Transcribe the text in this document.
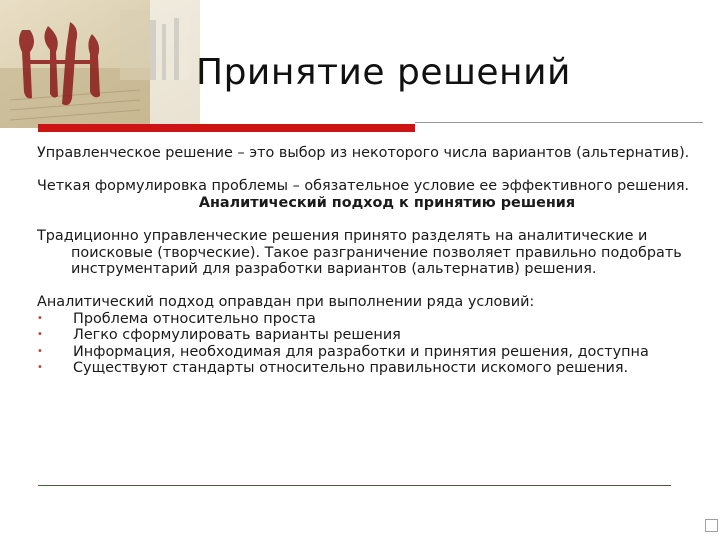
Принятие решений

Управленческое решение – это выбор из некоторого числа вариантов (альтернатив).

Четкая формулировка проблемы – обязательное условие ее эффективного решения.

Аналитический подход к принятию решения

Традиционно управленческие решения принято разделять на аналитические и поисковые (творческие). Такое разграничение позволяет правильно подобрать инструментарий для разработки вариантов (альтернатив) решения.

Аналитический подход оправдан при выполнении ряда условий:

• Проблема относительно проста
• Легко сформулировать варианты решения
• Информация, необходимая для разработки и принятия решения, доступна
• Существуют стандарты относительно правильности искомого решения.
